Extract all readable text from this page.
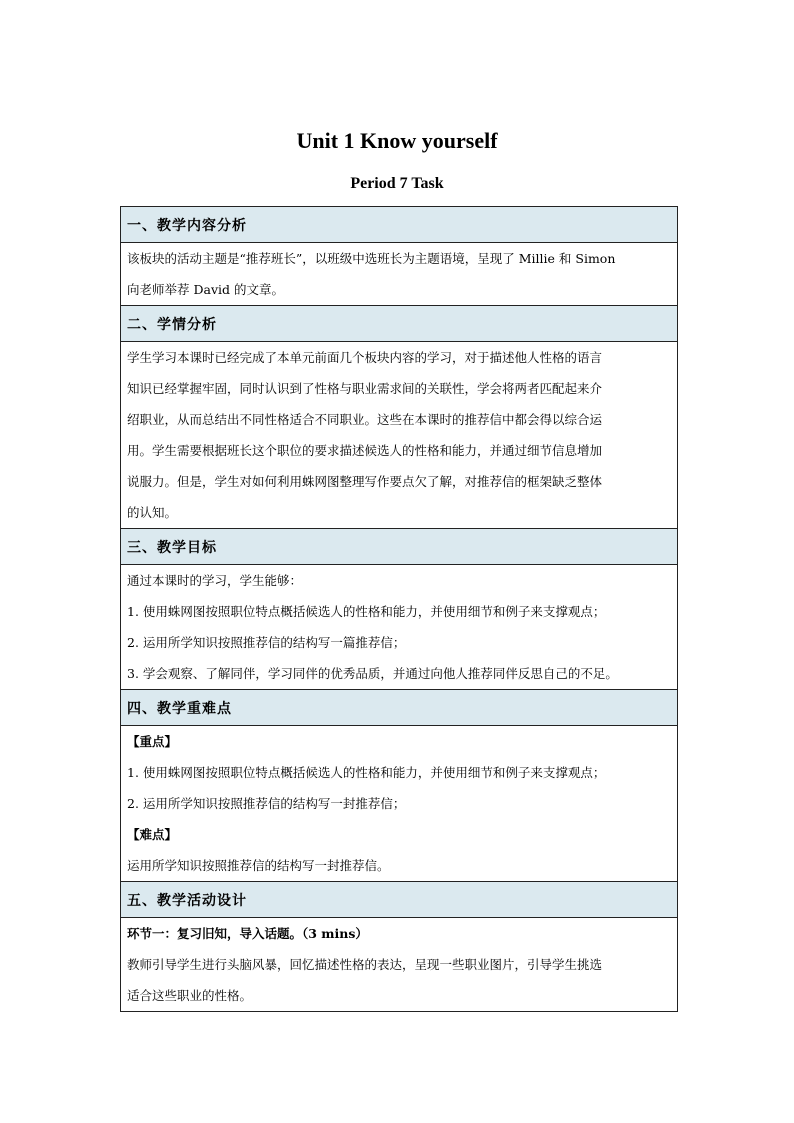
Unit 1 Know yourself
Period 7 Task
一、教学内容分析

该板块的活动主题是“推荐班长”，以班级中选班长为主题语境，呈现了 Millie 和 Simon
向老师举荐 David 的文章。

二、学情分析

学生学习本课时已经完成了本单元前面几个板块内容的学习，对于描述他人性格的语言
知识已经掌握牢固，同时认识到了性格与职业需求间的关联性，学会将两者匹配起来介
绍职业，从而总结出不同性格适合不同职业。这些在本课时的推荐信中都会得以综合运
用。学生需要根据班长这个职位的要求描述候选人的性格和能力，并通过细节信息增加
说服力。但是，学生对如何利用蛛网图整理写作要点欠了解，对推荐信的框架缺乏整体
的认知。

三、教学目标

通过本课时的学习，学生能够：
1. 使用蛛网图按照职位特点概括候选人的性格和能力，并使用细节和例子来支撑观点；
2. 运用所学知识按照推荐信的结构写一篇推荐信；
3. 学会观察、了解同伴，学习同伴的优秀品质，并通过向他人推荐同伴反思自己的不足。

四、教学重难点

【重点】
1. 使用蛛网图按照职位特点概括候选人的性格和能力，并使用细节和例子来支撑观点；
2. 运用所学知识按照推荐信的结构写一封推荐信；
【难点】
运用所学知识按照推荐信的结构写一封推荐信。

五、教学活动设计

环节一：复习旧知，导入话题。（3 mins）
教师引导学生进行头脑风暴，回忆描述性格的表达，呈现一些职业图片，引导学生挑选
适合这些职业的性格。
